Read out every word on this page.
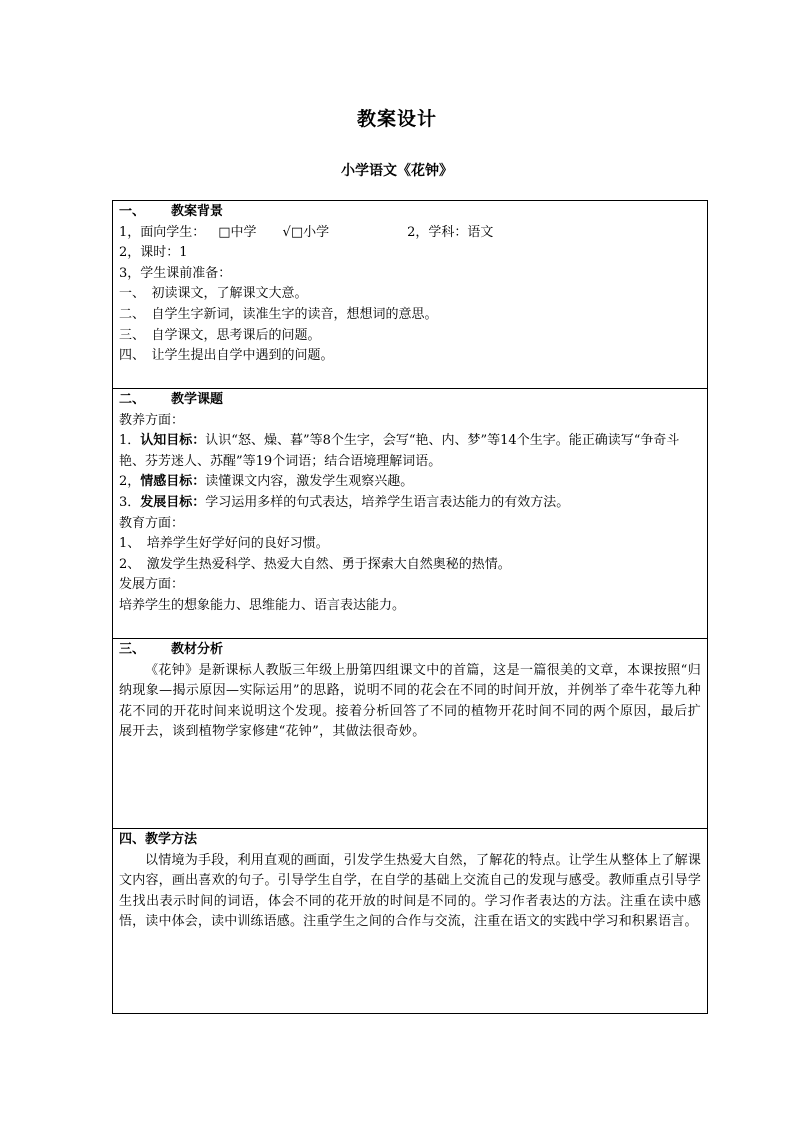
教案设计
小学语文《花钟》
一、  教案背景
1，面向学生： □中学  √□小学      2，学科：语文
2，课时：1
3，学生课前准备：
一、 初读课文，了解课文大意。
二、 自学生字新词，读准生字的读音，想想词的意思。
三、 自学课文，思考课后的问题。
四、 让学生提出自学中遇到的问题。
二、  教学课题
教养方面：
1．认知目标：认识“怒、燥、暮”等8个生字，会写“艳、内、梦”等14个生字。能正确读写“争奇斗艳、芬芳迷人、苏醒”等19个词语；结合语境理解词语。
2，情感目标：读懂课文内容，激发学生观察兴趣。
3．发展目标：学习运用多样的句式表达，培养学生语言表达能力的有效方法。
教育方面：
1、 培养学生好学好问的良好习惯。
2、 激发学生热爱科学、热爱大自然、勇于探索大自然奥秘的热情。
发展方面：
培养学生的想象能力、思维能力、语言表达能力。
三、  教材分析
《花钟》是新课标人教版三年级上册第四组课文中的首篇，这是一篇很美的文章，本课按照“归纳现象—揭示原因—实际运用”的思路，说明不同的花会在不同的时间开放，并例举了牵牛花等九种花不同的开花时间来说明这个发现。接着分析回答了不同的植物开花时间不同的两个原因，最后扩展开去，谈到植物学家修建“花钟”，其做法很奇妙。
四、教学方法
以情境为手段，利用直观的画面，引发学生热爱大自然，了解花的特点。让学生从整体上了解课文内容，画出喜欢的句子。引导学生自学，在自学的基础上交流自己的发现与感受。教师重点引导学生找出表示时间的词语，体会不同的花开放的时间是不同的。学习作者表达的方法。注重在读中感悟，读中体会，读中训练语感。注重学生之间的合作与交流，注重在语文的实践中学习和积累语言。
